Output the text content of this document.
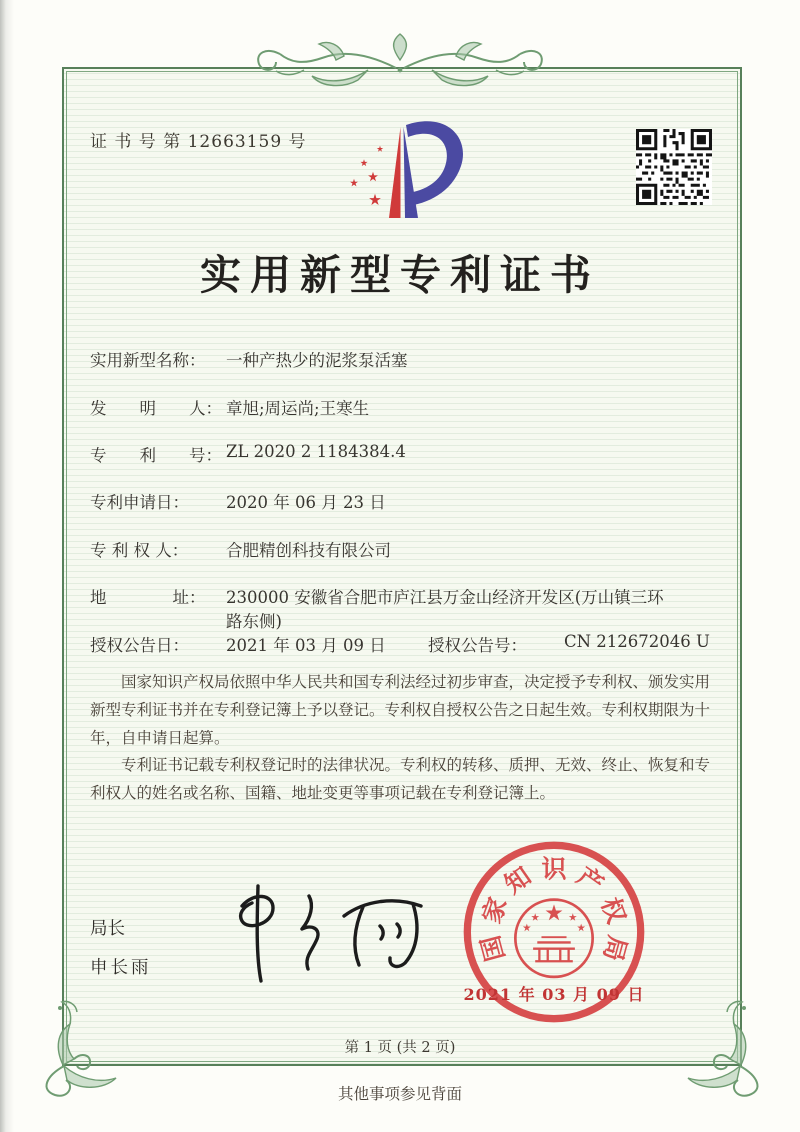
证 书 号 第 12663159 号
实用新型专利证书
实用新型名称：	一种产热少的泥浆泵活塞
发　　明　　人： 章旭;周运尚;王寒生
专　　利　　号： ZL 2020 2 1184384.4
专利申请日：	2020 年 06 月 23 日
专 利 权 人：	合肥精创科技有限公司
地　　　　址：	230000 安徽省合肥市庐江县万金山经济开发区(万山镇三环路东侧)
授权公告日：	2021 年 03 月 09 日	授权公告号：	CN 212672046 U

国家知识产权局依照中华人民共和国专利法经过初步审查，决定授予专利权、颁发实用新型专利证书并在专利登记簿上予以登记。专利权自授权公告之日起生效。专利权期限为十年，自申请日起算。

专利证书记载专利权登记时的法律状况。专利权的转移、质押、无效、终止、恢复和专利权人的姓名或名称、国籍、地址变更等事项记载在专利登记簿上。

局长
申长雨
国
家
知 识 产
权
局
2021 年 03 月 09 日
第 1 页 (共 2 页)
其他事项参见背面
